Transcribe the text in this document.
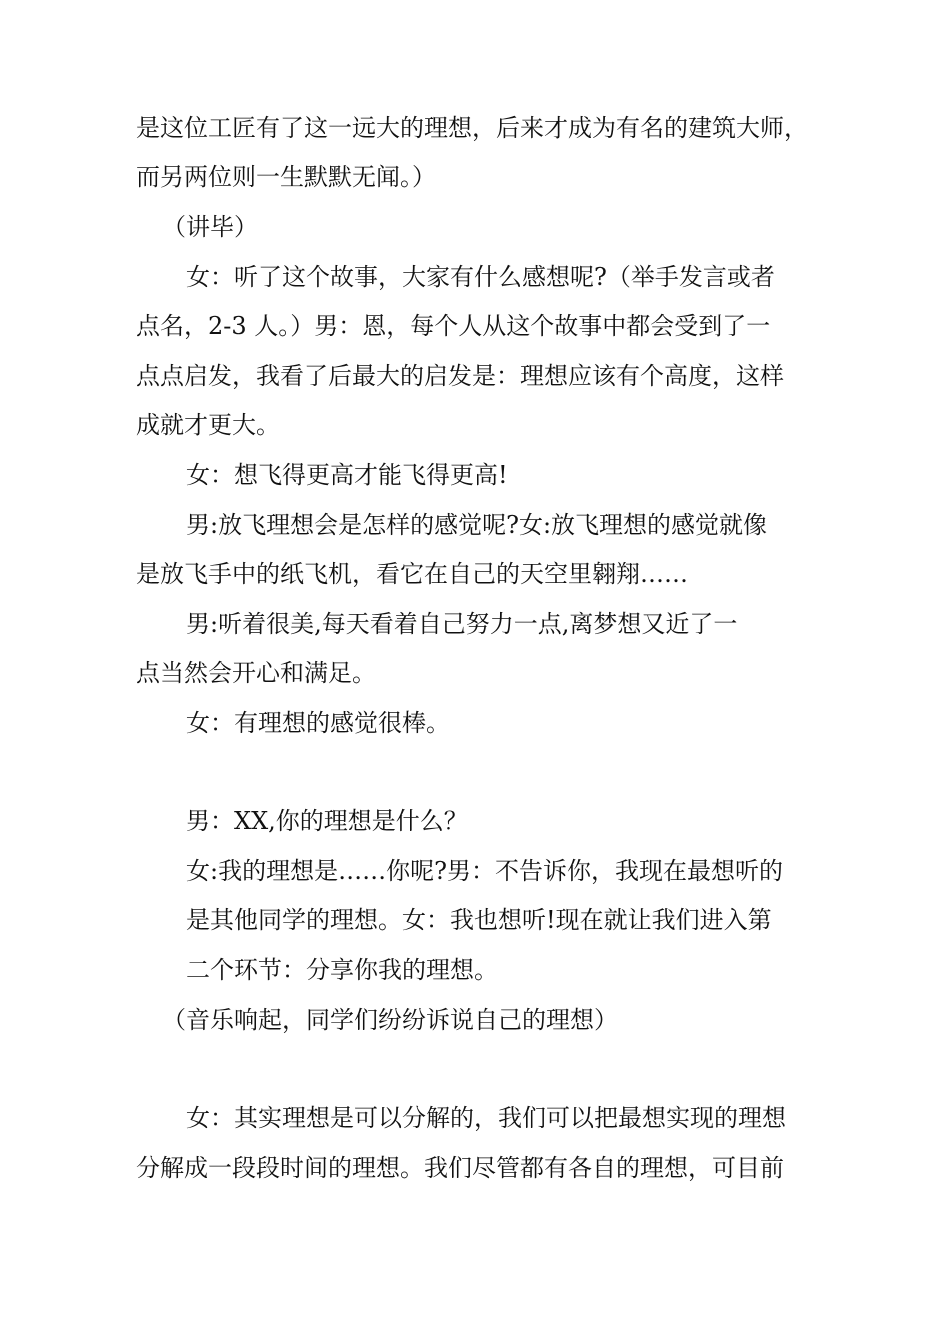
是这位工匠有了这一远大的理想，后来才成为有名的建筑大师，

而另两位则一生默默无闻。）

（讲毕）

女：听了这个故事，大家有什么感想呢?（举手发言或者

点名，2-3 人。）男：恩，每个人从这个故事中都会受到了一

点点启发，我看了后最大的启发是：理想应该有个高度，这样

成就才更大。

女：想飞得更高才能飞得更高!

男:放飞理想会是怎样的感觉呢?女:放飞理想的感觉就像

是放飞手中的纸飞机，看它在自己的天空里翱翔……

男:听着很美,每天看着自己努力一点,离梦想又近了一

点当然会开心和满足。

女：有理想的感觉很棒。

男：XX,你的理想是什么？

女:我的理想是……你呢?男：不告诉你，我现在最想听的

是其他同学的理想。女：我也想听!现在就让我们进入第

二个环节：分享你我的理想。

（音乐响起，同学们纷纷诉说自己的理想）

女：其实理想是可以分解的，我们可以把最想实现的理想

分解成一段段时间的理想。我们尽管都有各自的理想，可目前
